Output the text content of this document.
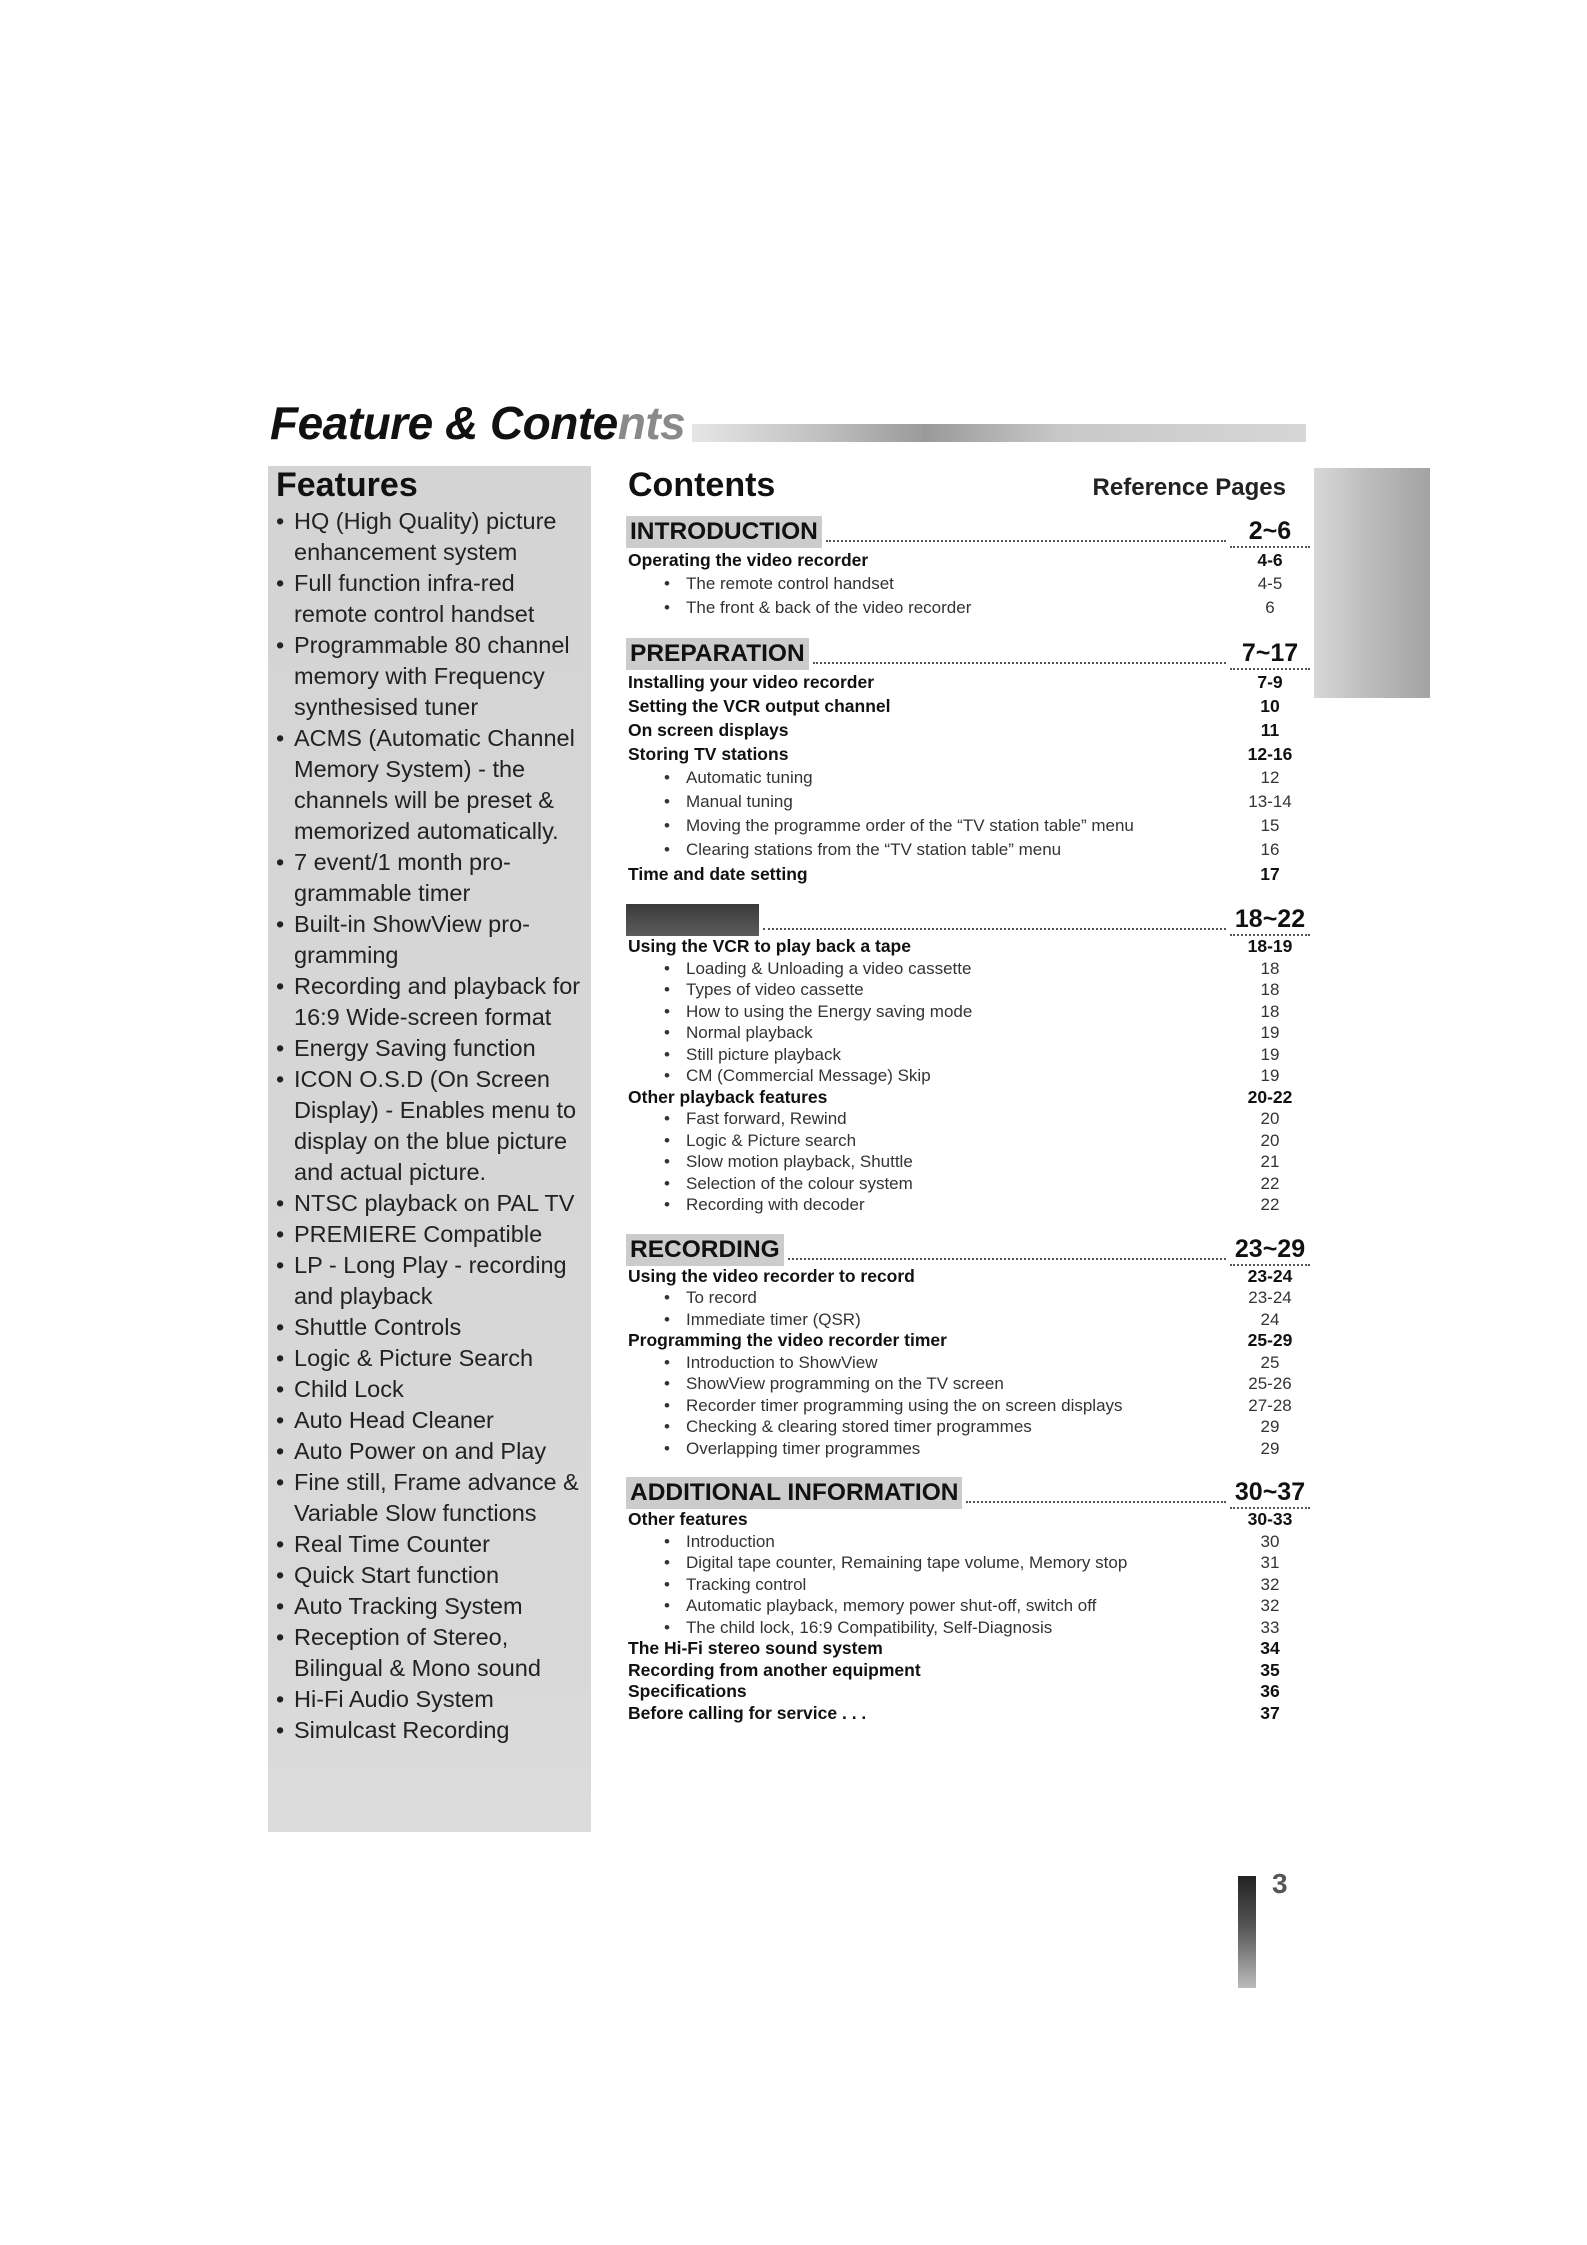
Feature & Contents
Features
• HQ (High Quality) picture enhancement system
• Full function infra-red remote control handset
• Programmable 80 channel memory with Frequency synthesised tuner
• ACMS (Automatic Channel Memory System) - the channels will be preset & memorized automatically.
• 7 event/1 month pro-grammable timer
• Built-in ShowView pro-gramming
• Recording and playback for 16:9 Wide-screen format
• Energy Saving function
• ICON O.S.D (On Screen Display) - Enables menu to display on the blue picture and actual picture.
• NTSC playback on PAL TV
• PREMIERE Compatible
• LP - Long Play - recording and playback
• Shuttle Controls
• Logic & Picture Search
• Child Lock
• Auto Head Cleaner
• Auto Power on and Play
• Fine still, Frame advance & Variable Slow functions
• Real Time Counter
• Quick Start function
• Auto Tracking System
• Reception of Stereo, Bilingual & Mono sound
• Hi-Fi Audio System
• Simulcast Recording
Contents	Reference Pages
INTRODUCTION	2~6
Operating the video recorder	4-6
• The remote control handset	4-5
• The front & back of the video recorder	6
PREPARATION	7~17
Installing your video recorder	7-9
Setting the VCR output channel	10
On screen displays	11
Storing TV stations	12-16
• Automatic tuning	12
• Manual tuning	13-14
• Moving the programme order of the “TV station table” menu	15
• Clearing stations from the “TV station table” menu	16
Time and date setting	17
18~22
Using the VCR to play back a tape	18-19
• Loading & Unloading a video cassette	18
• Types of video cassette	18
• How to using the Energy saving mode	18
• Normal playback	19
• Still picture playback	19
• CM (Commercial Message) Skip	19
Other playback features	20-22
• Fast forward, Rewind	20
• Logic & Picture search	20
• Slow motion playback, Shuttle	21
• Selection of the colour system	22
• Recording with decoder	22
RECORDING	23~29
Using the video recorder to record	23-24
• To record	23-24
• Immediate timer (QSR)	24
Programming the video recorder timer	25-29
• Introduction to ShowView	25
• ShowView programming on the TV screen	25-26
• Recorder timer programming using the on screen displays	27-28
• Checking & clearing stored timer programmes	29
• Overlapping timer programmes	29
ADDITIONAL INFORMATION	30~37
Other features	30-33
• Introduction	30
• Digital tape counter, Remaining tape volume, Memory stop	31
• Tracking control	32
• Automatic playback, memory power shut-off, switch off	32
• The child lock, 16:9 Compatibility, Self-Diagnosis	33
The Hi-Fi stereo sound system	34
Recording from another equipment	35
Specifications	36
Before calling for service . . .	37
3
